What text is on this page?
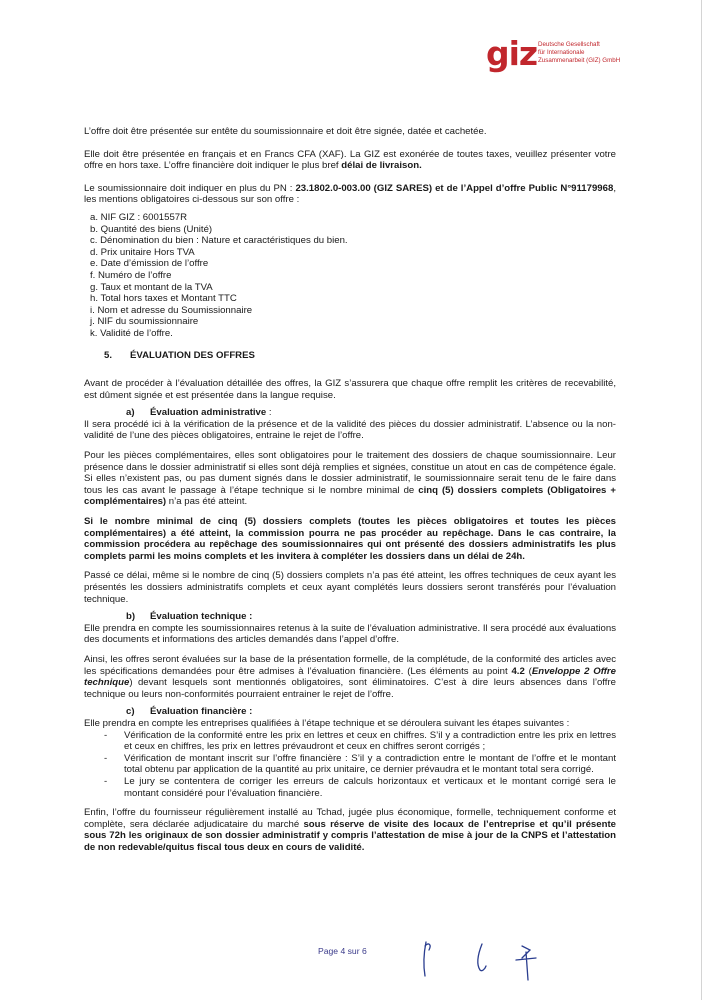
giz Deutsche Gesellschaft
für Internationale
Zusammenarbeit (GIZ) GmbH

L’offre doit être présentée sur entête du soumissionnaire et doit être signée, datée et cachetée.

Elle doit être présentée en français et en Francs CFA (XAF). La GIZ est exonérée de toutes taxes, veuillez présenter votre offre en hors taxe. L’offre financière doit indiquer le plus bref délai de livraison.

Le soumissionnaire doit indiquer en plus du PN : 23.1802.0-003.00 (GIZ SARES) et de l’Appel d’offre Public N°91179968, les mentions obligatoires ci-dessous sur son offre :

a. NIF GIZ : 6001557R
b. Quantité des biens (Unité)
c. Dénomination du bien : Nature et caractéristiques du bien.
d. Prix unitaire Hors TVA
e. Date d’émission de l’offre
f. Numéro de l’offre
g. Taux et montant de la TVA
h. Total hors taxes et Montant TTC
i. Nom et adresse du Soumissionnaire
j. NIF du soumissionnaire
k. Validité de l’offre.
5. ÉVALUATION DES OFFRES

Avant de procéder à l’évaluation détaillée des offres, la GIZ s’assurera que chaque offre remplit les critères de recevabilité, est dûment signée et est présentée dans la langue requise.

a) Évaluation administrative :

Il sera procédé ici à la vérification de la présence et de la validité des pièces du dossier administratif. L’absence ou la non-validité de l’une des pièces obligatoires, entraine le rejet de l’offre.

Pour les pièces complémentaires, elles sont obligatoires pour le traitement des dossiers de chaque soumissionnaire. Leur présence dans le dossier administratif si elles sont déjà remplies et signées, constitue un atout en cas de compétence égale. Si elles n’existent pas, ou pas dument signés dans le dossier administratif, le soumissionnaire serait tenu de le faire dans tous les cas avant le passage à l’étape technique si le nombre minimal de cinq (5) dossiers complets (Obligatoires + complémentaires) n’a pas été atteint.

Si le nombre minimal de cinq (5) dossiers complets (toutes les pièces obligatoires et toutes les pièces complémentaires) a été atteint, la commission pourra ne pas procéder au repêchage. Dans le cas contraire, la commission procédera au repêchage des soumissionnaires qui ont présenté des dossiers administratifs les plus complets parmi les moins complets et les invitera à compléter les dossiers dans un délai de 24h.

Passé ce délai, même si le nombre de cinq (5) dossiers complets n’a pas été atteint, les offres techniques de ceux ayant les présentés les dossiers administratifs complets et ceux ayant complétés leurs dossiers seront transférés pour l’évaluation technique.

b) Évaluation technique :

Elle prendra en compte les soumissionnaires retenus à la suite de l’évaluation administrative. Il sera procédé aux évaluations des documents et informations des articles demandés dans l’appel d’offre.

Ainsi, les offres seront évaluées sur la base de la présentation formelle, de la complétude, de la conformité des articles avec les spécifications demandées pour être admises à l’évaluation financière. (Les éléments au point 4.2 (Enveloppe 2 Offre technique) devant lesquels sont mentionnés obligatoires, sont éliminatoires. C’est à dire leurs absences dans l’offre technique ou leurs non-conformités pourraient entrainer le rejet de l’offre.

c) Évaluation financière :

Elle prendra en compte les entreprises qualifiées à l’étape technique et se déroulera suivant les étapes suivantes :

- Vérification de la conformité entre les prix en lettres et ceux en chiffres. S’il y a contradiction entre les prix en lettres et ceux en chiffres, les prix en lettres prévaudront et ceux en chiffres seront corrigés ;
- Vérification de montant inscrit sur l’offre financière : S’il y a contradiction entre le montant de l’offre et le montant total obtenu par application de la quantité au prix unitaire, ce dernier prévaudra et le montant total sera corrigé.
- Le jury se contentera de corriger les erreurs de calculs horizontaux et verticaux et le montant corrigé sera le montant considéré pour l’évaluation financière.

Enfin, l’offre du fournisseur régulièrement installé au Tchad, jugée plus économique, formelle, techniquement conforme et complète, sera déclarée adjudicataire du marché sous réserve de visite des locaux de l’entreprise et qu’il présente sous 72h les originaux de son dossier administratif y compris l’attestation de mise à jour de la CNPS et l’attestation de non redevable/quitus fiscal tous deux en cours de validité.

Page 4 sur 6
